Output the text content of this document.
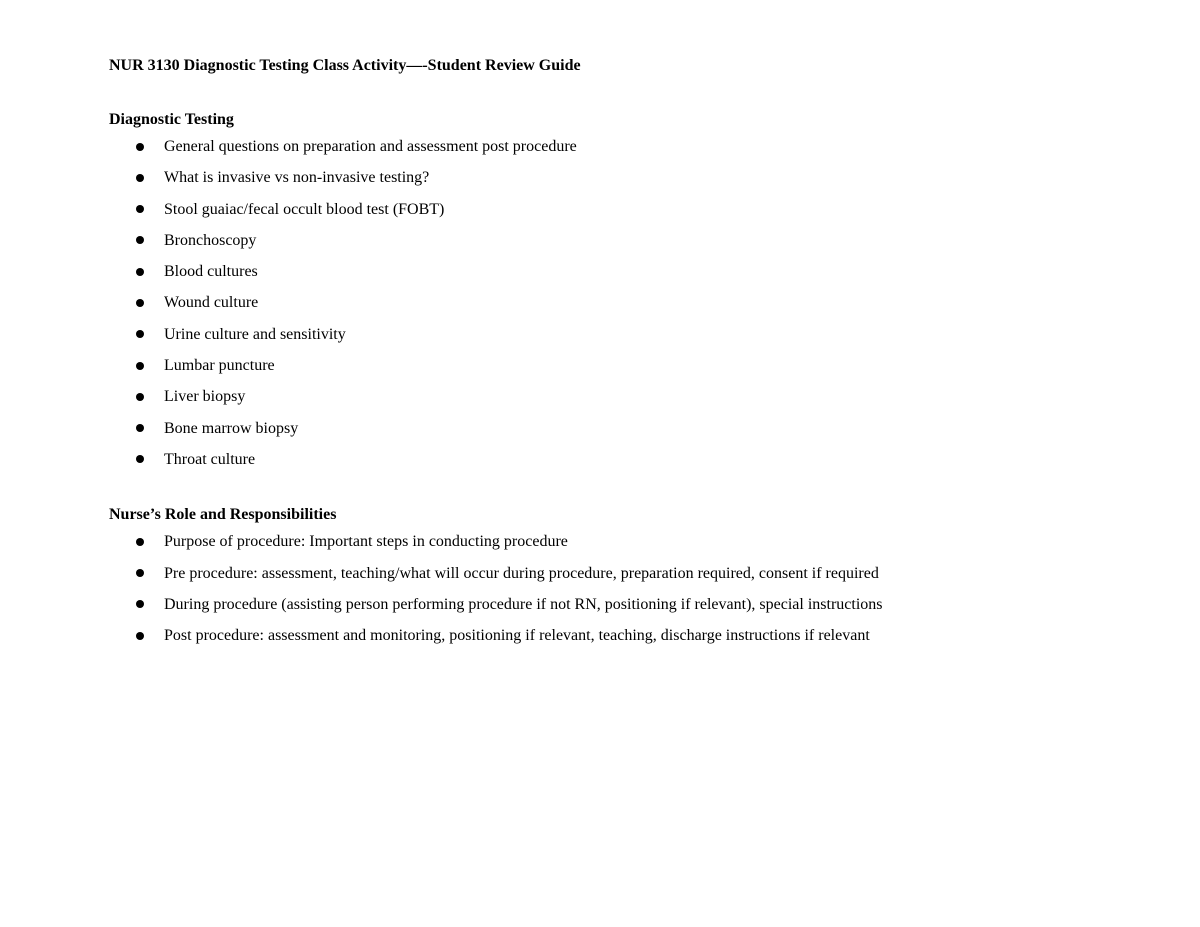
NUR 3130 Diagnostic Testing Class Activity—-Student Review Guide
Diagnostic Testing
General questions on preparation and assessment post procedure
What is invasive vs non-invasive testing?
Stool guaiac/fecal occult blood test (FOBT)
Bronchoscopy
Blood cultures
Wound culture
Urine culture and sensitivity
Lumbar puncture
Liver biopsy
Bone marrow biopsy
Throat culture
Nurse’s Role and Responsibilities
Purpose of procedure: Important steps in conducting procedure
Pre procedure: assessment, teaching/what will occur during procedure, preparation required, consent if required
During procedure (assisting person performing procedure if not RN, positioning if relevant), special instructions
Post procedure: assessment and monitoring, positioning if relevant, teaching, discharge instructions if relevant
